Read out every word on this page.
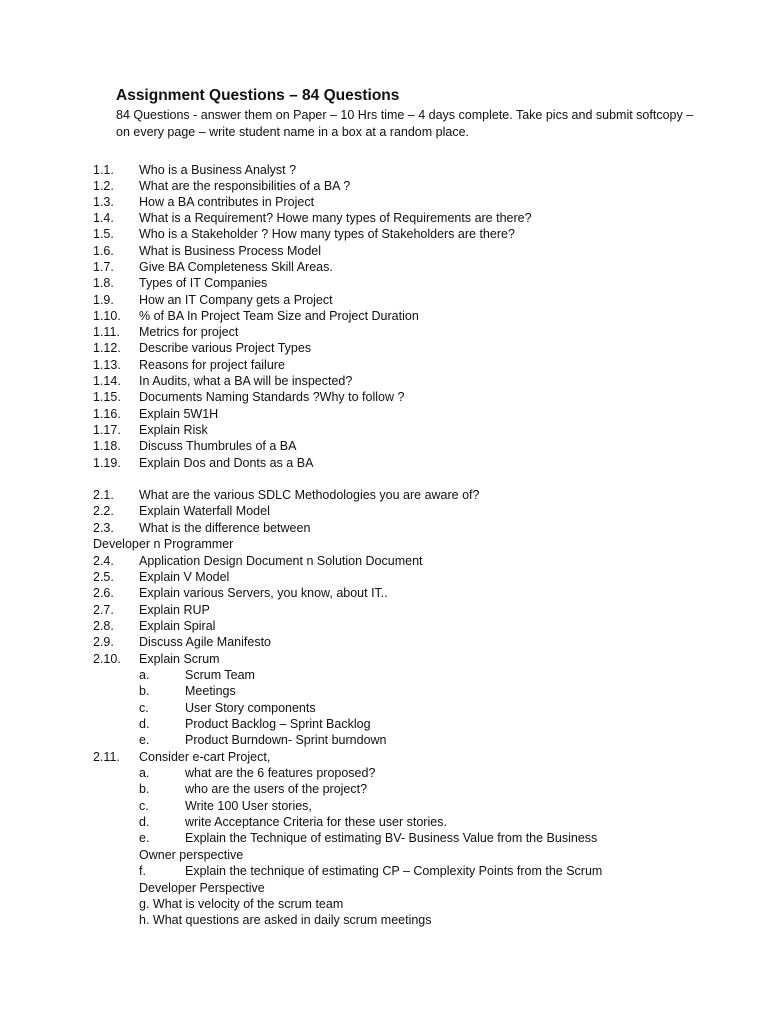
Assignment Questions – 84 Questions
84 Questions - answer them on Paper – 10 Hrs time – 4 days complete. Take pics and submit softcopy – on every page – write student name in a box at a random place.
1.1. Who is a Business Analyst ?
1.2. What are the responsibilities of a BA ?
1.3. How a BA contributes in Project
1.4. What is a Requirement? Howe many types of Requirements are there?
1.5. Who is a Stakeholder ? How many types of Stakeholders are there?
1.6. What is Business Process Model
1.7. Give BA Completeness Skill Areas.
1.8. Types of IT Companies
1.9. How an IT Company gets a Project
1.10. % of BA In Project Team Size and Project Duration
1.11. Metrics for project
1.12. Describe various Project Types
1.13. Reasons for project failure
1.14. In Audits, what a BA will be inspected?
1.15. Documents Naming Standards ?Why to follow ?
1.16. Explain 5W1H
1.17. Explain Risk
1.18. Discuss Thumbrules of a BA
1.19. Explain Dos and Donts as a BA
2.1. What are the various SDLC Methodologies you are aware of?
2.2. Explain Waterfall Model
2.3. What is the difference between
Developer n Programmer
2.4. Application Design Document n Solution Document
2.5. Explain V Model
2.6. Explain various Servers, you know, about IT..
2.7. Explain RUP
2.8. Explain Spiral
2.9. Discuss Agile Manifesto
2.10. Explain Scrum
a.	Scrum Team
b.	Meetings
c.	User Story components
d.	Product Backlog – Sprint Backlog
e.	Product Burndown- Sprint burndown
2.11. Consider e-cart Project,
a.	what are the 6 features proposed?
b.	who are the users of the project?
c.	Write 100 User stories,
d.	write Acceptance Criteria for these user stories.
e.	Explain the Technique of estimating BV- Business Value from the Business
Owner perspective
f.	Explain the technique of estimating CP – Complexity Points from the Scrum
Developer Perspective
g. What is velocity of the scrum team
h. What questions are asked in daily scrum meetings
